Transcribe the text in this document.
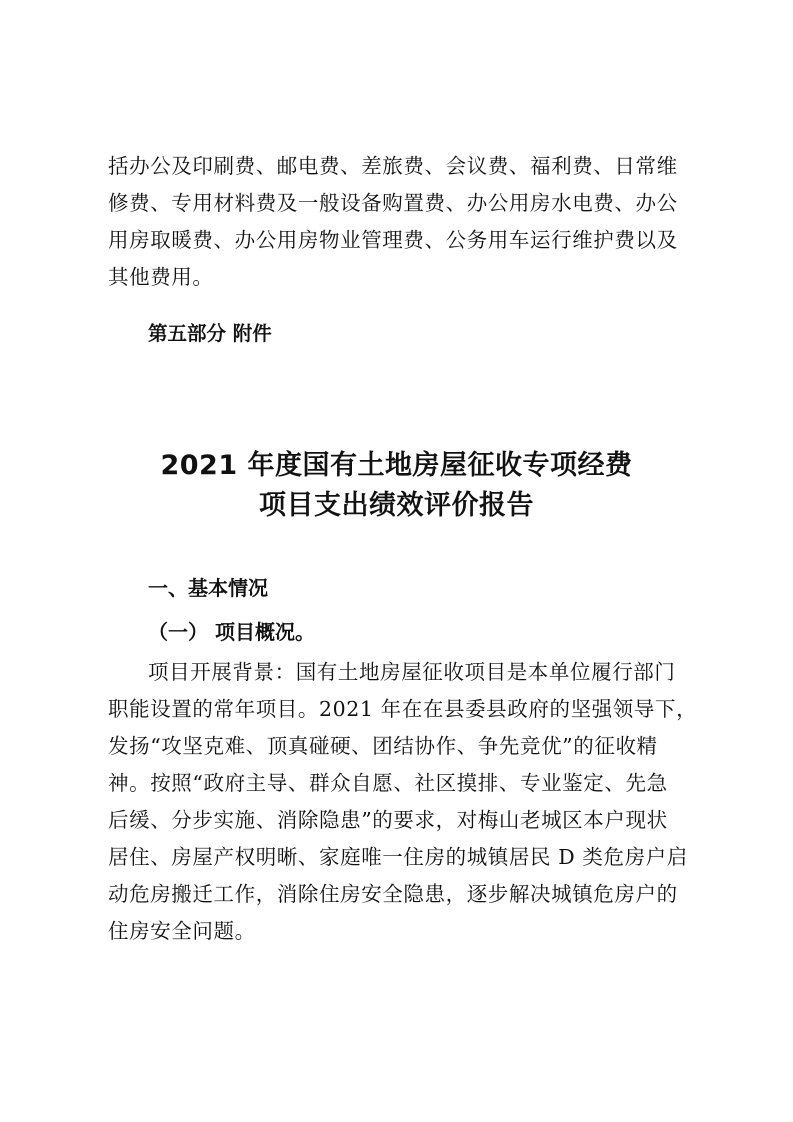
括办公及印刷费、邮电费、差旅费、会议费、福利费、日常维
修费、专用材料费及一般设备购置费、办公用房水电费、办公
用房取暖费、办公用房物业管理费、公务用车运行维护费以及
其他费用。

第五部分 附件

2021 年度国有土地房屋征收专项经费
项目支出绩效评价报告

一、基本情况

（一） 项目概况。

项目开展背景：国有土地房屋征收项目是本单位履行部门
职能设置的常年项目。2021 年在在县委县政府的坚强领导下，
发扬“攻坚克难、顶真碰硬、团结协作、争先竞优”的征收精
神。按照“政府主导、群众自愿、社区摸排、专业鉴定、先急
后缓、分步实施、消除隐患”的要求，对梅山老城区本户现状
居住、房屋产权明晰、家庭唯一住房的城镇居民 D 类危房户启
动危房搬迁工作，消除住房安全隐患，逐步解决城镇危房户的
住房安全问题。
